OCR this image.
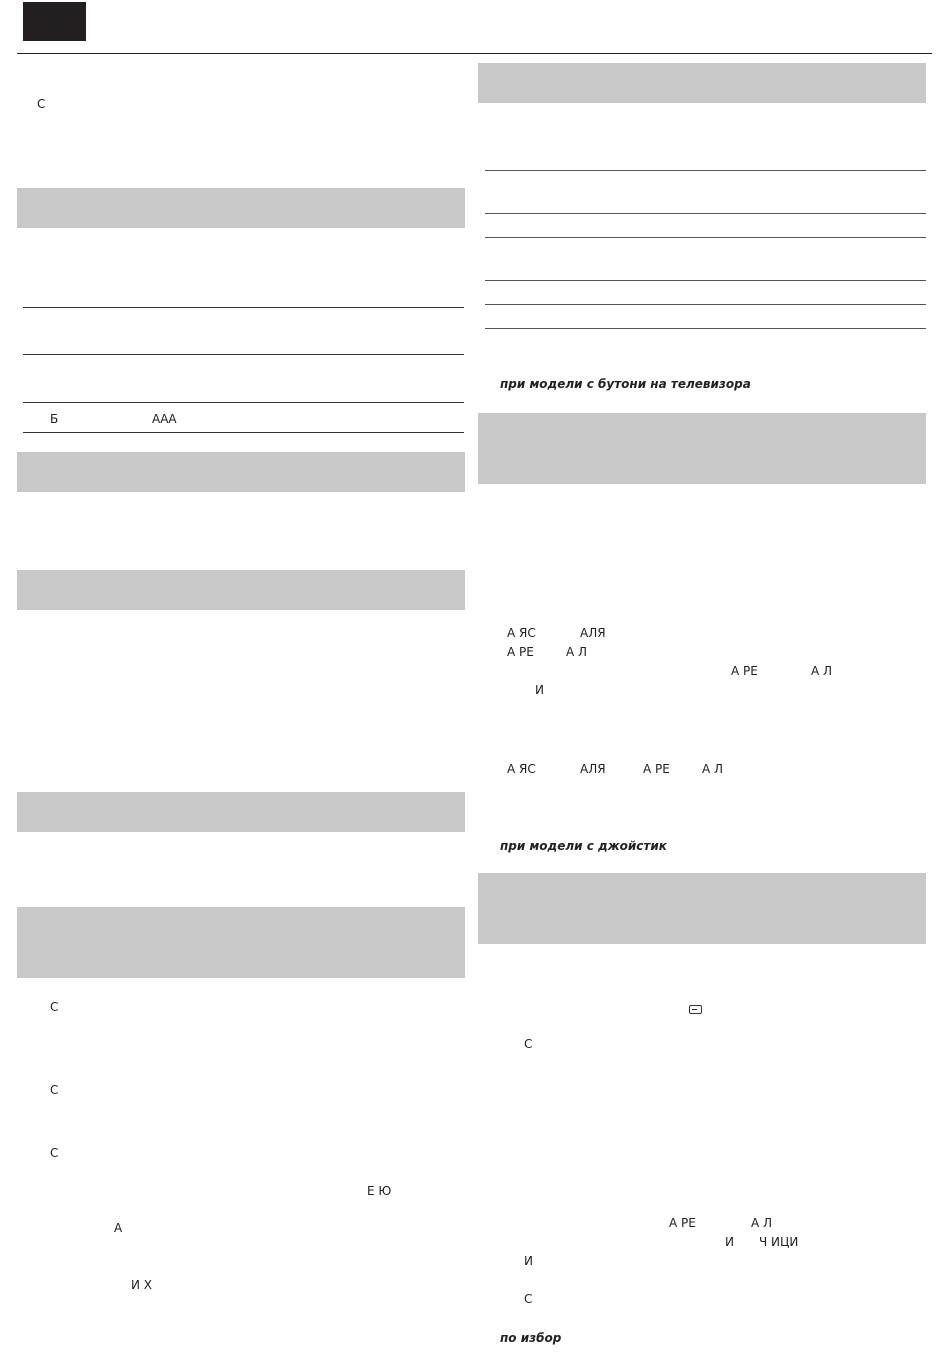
С
Б	ААА
С
С
С
Е Ю
А
И Х
при модели с бутони на телевизора
А ЯС	АЛЯ
А РЕ	А Л
А РЕ	А Л
И
А ЯС	АЛЯ	А РЕ	А Л
при модели с джойстик
С
А РЕ	А Л
И Ч ИЦИ
И
С
по избор
